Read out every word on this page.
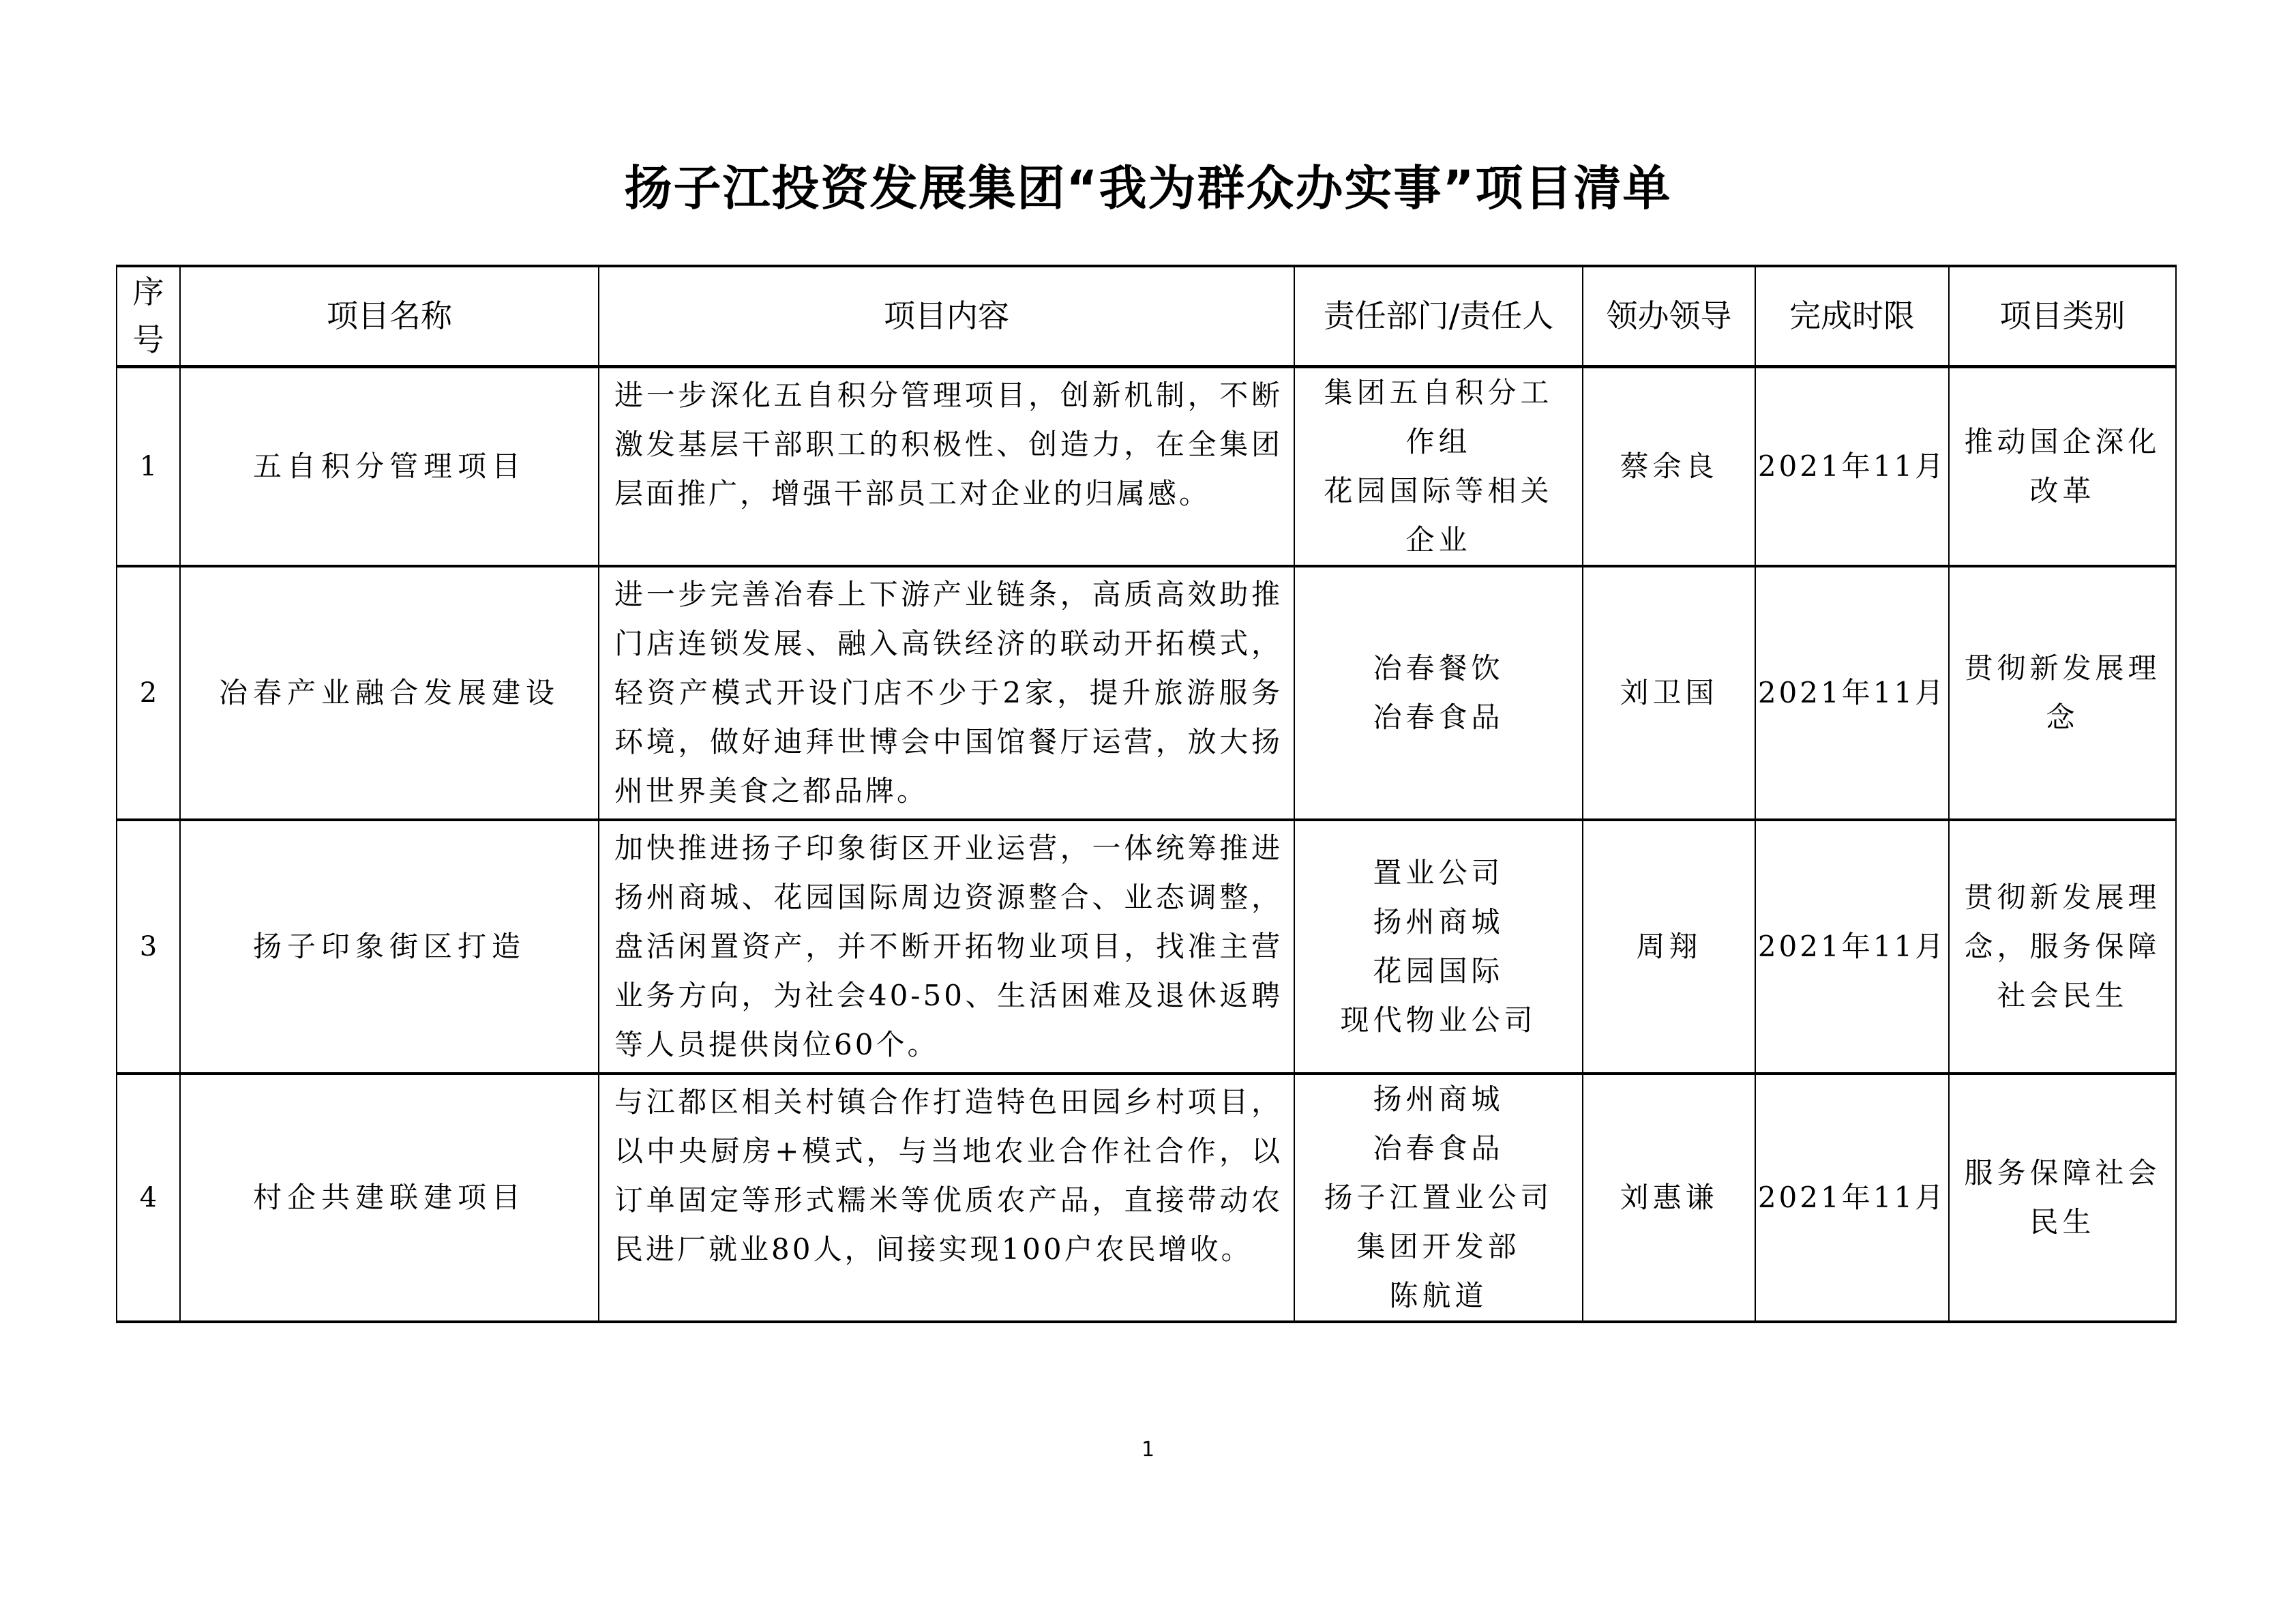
扬子江投资发展集团“我为群众办实事”项目清单
序号	项目名称	项目内容	责任部门/责任人	领办领导	完成时限	项目类别
1	五自积分管理项目	进一步深化五自积分管理项目，创新机制，不断激发基层干部职工的积极性、创造力，在全集团层面推广，增强干部员工对企业的归属感。	集团五自积分工作组
花园国际等相关企业	蔡余良	2021年11月	推动国企深化改革
2	冶春产业融合发展建设	进一步完善冶春上下游产业链条，高质高效助推门店连锁发展、融入高铁经济的联动开拓模式，轻资产模式开设门店不少于2家，提升旅游服务环境，做好迪拜世博会中国馆餐厅运营，放大扬州世界美食之都品牌。	冶春餐饮
冶春食品	刘卫国	2021年11月	贯彻新发展理念
3	扬子印象街区打造	加快推进扬子印象街区开业运营，一体统筹推进扬州商城、花园国际周边资源整合、业态调整，盘活闲置资产，并不断开拓物业项目，找准主营业务方向，为社会40-50、生活困难及退休返聘等人员提供岗位60个。	置业公司
扬州商城
花园国际
现代物业公司	周翔	2021年11月	贯彻新发展理念，服务保障社会民生
4	村企共建联建项目	与江都区相关村镇合作打造特色田园乡村项目，以中央厨房+模式，与当地农业合作社合作，以订单固定等形式糯米等优质农产品，直接带动农民进厂就业80人，间接实现100户农民增收。	扬州商城
冶春食品
扬子江置业公司
集团开发部
陈航道	刘惠谦	2021年11月	服务保障社会民生
1
